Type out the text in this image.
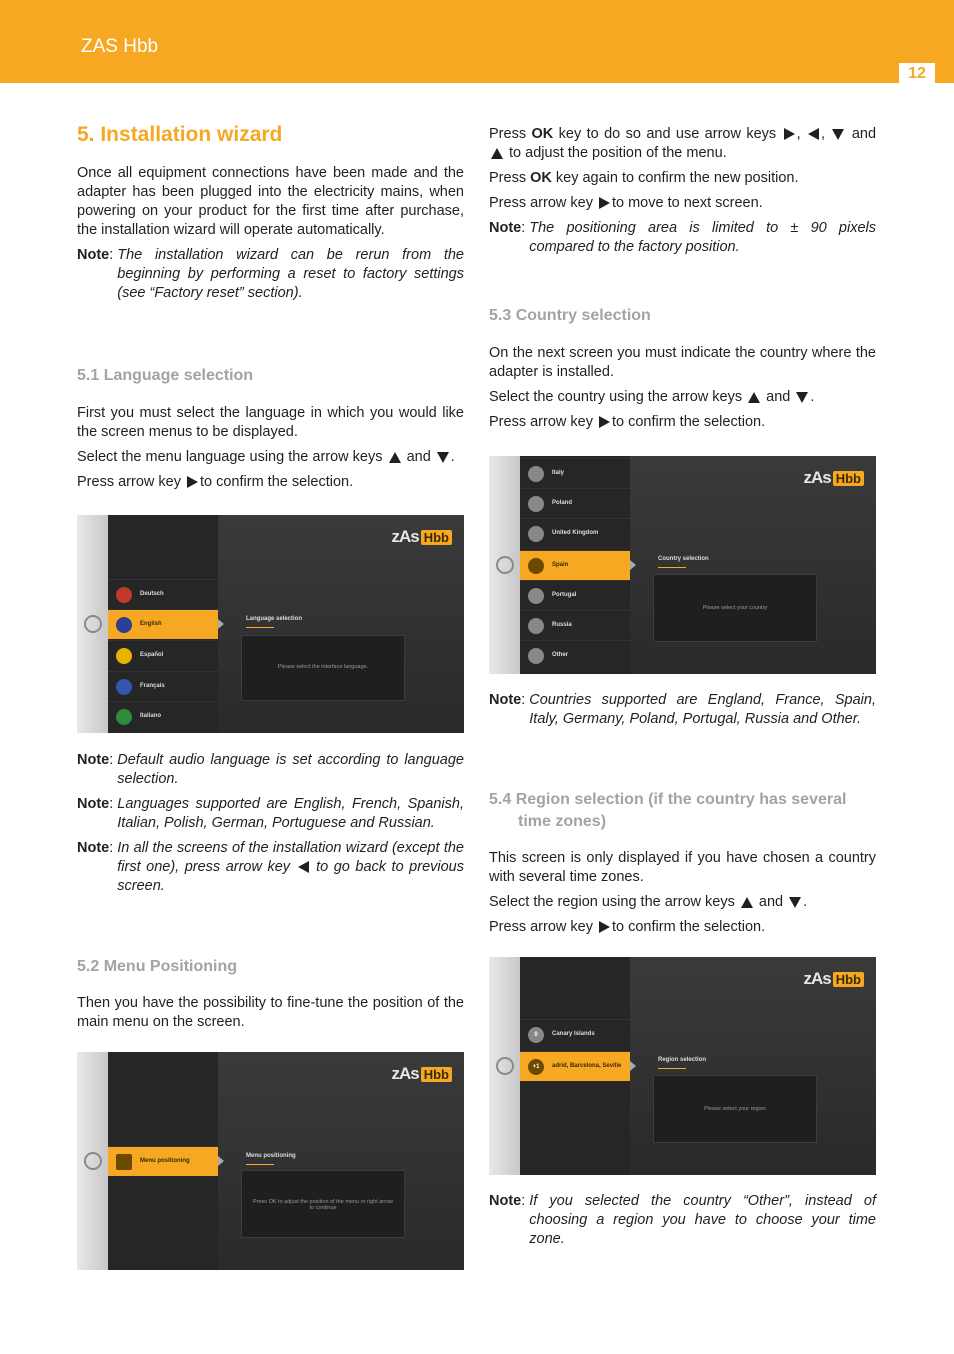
ZAS Hbb
12
5. Installation wizard

Once all equipment connections have been made and the adapter has been plugged into the electricity mains, when powering on your product for the first time after purchase, the installation wizard will operate automatically.

Note : The installation wizard can be rerun from the beginning by performing a reset to factory settings (see “Factory reset” section).
5.1 Language selection

First you must select the language in which you would like the screen menus to be displayed.

Select the menu language using the arrow keys and .

Press arrow key to confirm the selection.

Deutsch
English
Español
Français
Italiano
zAs Hbb
Language selection
Please select the interface language.
Note : Default audio language is set according to language selection.
Note : Languages supported are English, French, Spanish, Italian, Polish, German, Portuguese and Russian.
Note : In all the screens of the installation wizard (except the first one), press arrow key to go back to previous screen.
5.2 Menu Positioning

Then you have the possibility to fine-tune the position of the main menu on the screen.

Menu positioning
zAs Hbb
Menu positioning
Press OK to adjust the position of the menu or right arrow to continue

Press OK key to do so and use arrow keys , ,  and  to adjust the position of the menu.

Press OK key again to confirm the new position.

Press arrow key to move to next screen.

Note : The positioning area is limited to ± 90 pixels compared to the factory position.
5.3 Country selection

On the next screen you must indicate the country where the adapter is installed.

Select the country using the arrow keys and .

Press arrow key to confirm the selection.

Italy
Poland
United Kingdom
Spain
Portugal
Russia
Other
zAs Hbb
Country selection
Please select your country
Note : Countries supported are England, France, Spain, Italy, Germany, Poland, Portugal, Russia and Other.
5.4 Region selection (if the country has several
time zones)

This screen is only displayed if you have chosen a country with several time zones.

Select the region using the arrow keys and .

Press arrow key to confirm the selection.

0	Canary Islands
+1	adrid, Barcelona, Seville
zAs Hbb
Region selection
Please select your region
Note : If you selected the country “Other”, instead of choosing a region you have to choose your time zone.
